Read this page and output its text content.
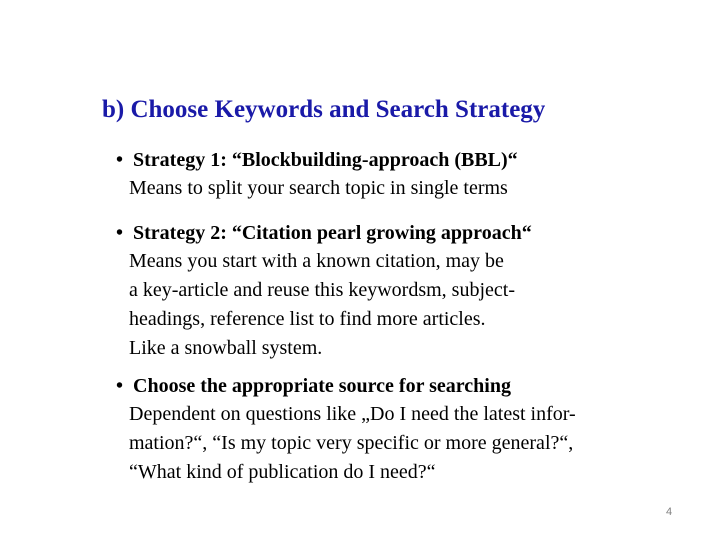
b) Choose Keywords and Search Strategy
• Strategy 1: “Blockbuilding-approach (BBL)“
Means to split your search topic in single terms
• Strategy 2: “Citation pearl growing approach“
Means you start with a known citation, may be
a key-article and reuse this keywordsm, subject-
headings, reference list to find more articles.
Like a snowball system.
• Choose the appropriate source for searching
Dependent on questions like „Do I need the latest infor-
mation?“, “Is my topic very specific or more general?“,
“What kind of publication do I need?“
4
